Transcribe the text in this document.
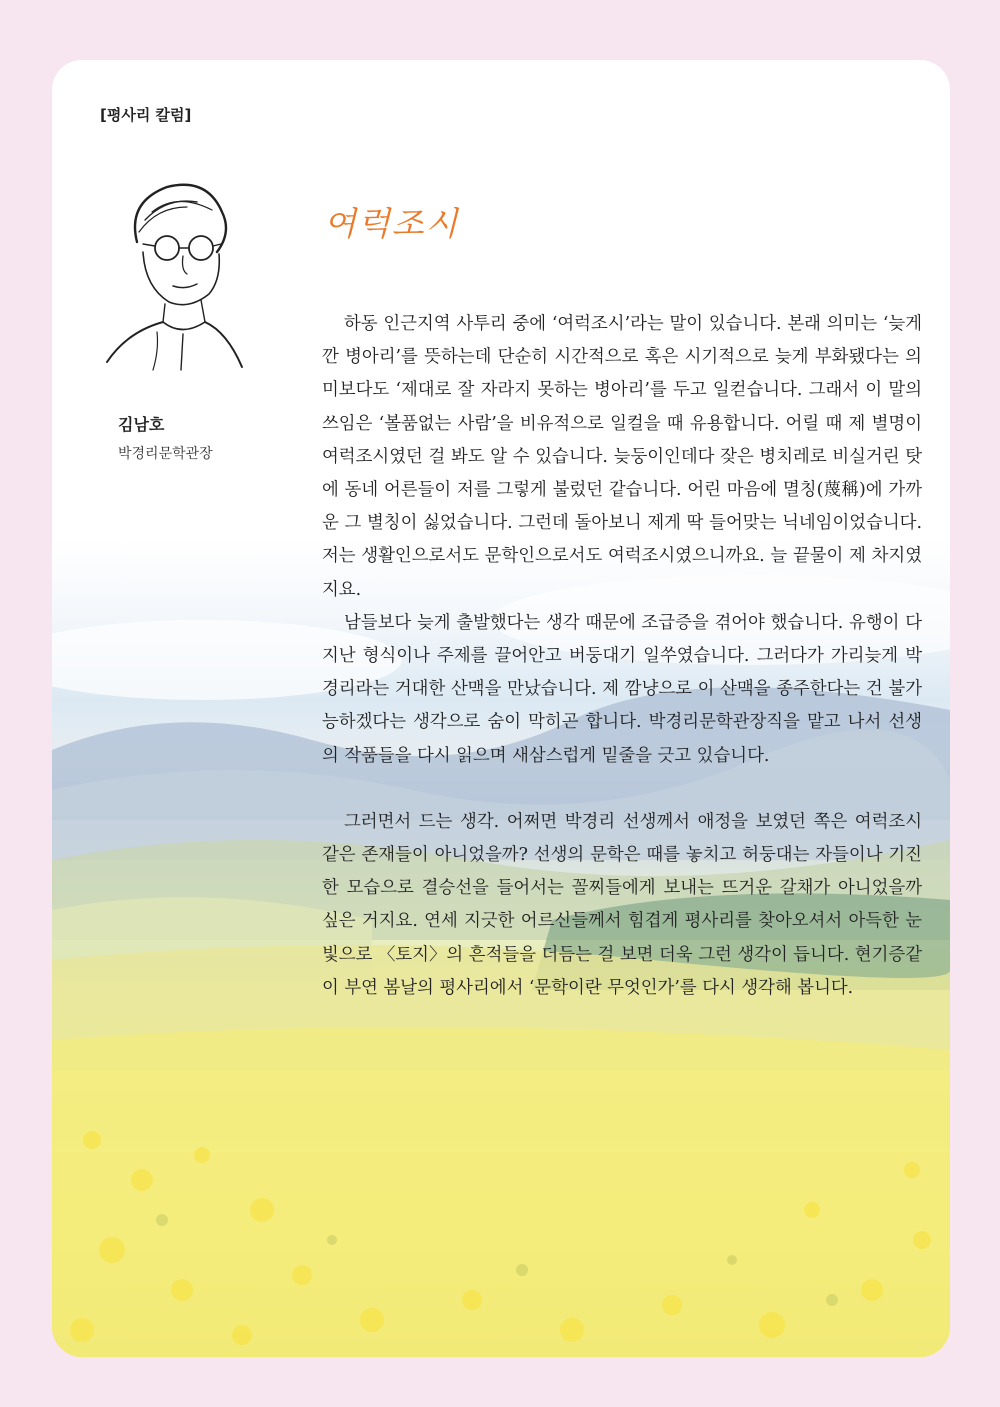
[평사리 칼럼]
김남호
박경리문학관장
여럭조시

하동 인근지역 사투리 중에 ‘여럭조시’라는 말이 있습니다. 본래 의미는 ‘늦게 깐 병아리’를 뜻하는데 단순히 시간적으로 혹은 시기적으로 늦게 부화됐다는 의미보다도 ‘제대로 잘 자라지 못하는 병아리’를 두고 일컫습니다. 그래서 이 말의 쓰임은 ‘볼품없는 사람’을 비유적으로 일컬을 때 유용합니다. 어릴 때 제 별명이 여럭조시였던 걸 봐도 알 수 있습니다. 늦둥이인데다 잦은 병치레로 비실거린 탓에 동네 어른들이 저를 그렇게 불렀던 같습니다. 어린 마음에 멸칭(蔑稱)에 가까운 그 별칭이 싫었습니다. 그런데 돌아보니 제게 딱 들어맞는 닉네임이었습니다. 저는 생활인으로서도 문학인으로서도 여럭조시였으니까요. 늘 끝물이 제 차지였지요.

남들보다 늦게 출발했다는 생각 때문에 조급증을 겪어야 했습니다. 유행이 다 지난 형식이나 주제를 끌어안고 버둥대기 일쑤였습니다. 그러다가 가리늦게 박경리라는 거대한 산맥을 만났습니다. 제 깜냥으로 이 산맥을 종주한다는 건 불가능하겠다는 생각으로 숨이 막히곤 합니다. 박경리문학관장직을 맡고 나서 선생의 작품들을 다시 읽으며 새삼스럽게 밑줄을 긋고 있습니다.

그러면서 드는 생각. 어쩌면 박경리 선생께서 애정을 보였던 쪽은 여럭조시 같은 존재들이 아니었을까? 선생의 문학은 때를 놓치고 허둥대는 자들이나 기진한 모습으로 결승선을 들어서는 꼴찌들에게 보내는 뜨거운 갈채가 아니었을까 싶은 거지요. 연세 지긋한 어르신들께서 힘겹게 평사리를 찾아오셔서 아득한 눈빛으로 〈토지〉의 흔적들을 더듬는 걸 보면 더욱 그런 생각이 듭니다. 현기증같이 부연 봄날의 평사리에서 ‘문학이란 무엇인가’를 다시 생각해 봅니다.
